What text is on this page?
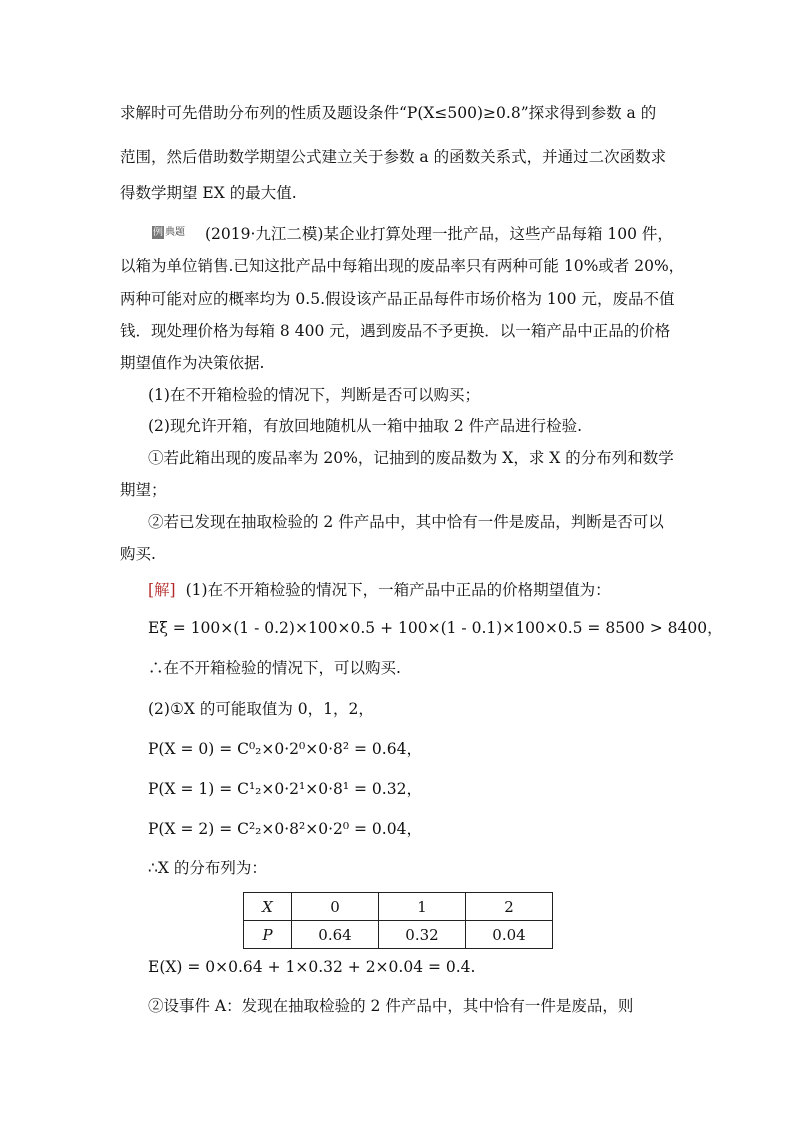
求解时可先借助分布列的性质及题设条件“P(X≤500)≥0.8”探求得到参数 a 的
范围，然后借助数学期望公式建立关于参数 a 的函数关系式，并通过二次函数求
得数学期望 EX 的最大值.
例 典题 (2019·九江二模)某企业打算处理一批产品，这些产品每箱 100 件，
以箱为单位销售.已知这批产品中每箱出现的废品率只有两种可能 10%或者 20%，
两种可能对应的概率均为 0.5.假设该产品正品每件市场价格为 100 元，废品不值
钱．现处理价格为每箱 8 400 元，遇到废品不予更换．以一箱产品中正品的价格
期望值作为决策依据.
(1)在不开箱检验的情况下，判断是否可以购买；
(2)现允许开箱，有放回地随机从一箱中抽取 2 件产品进行检验.
①若此箱出现的废品率为 20%，记抽到的废品数为 X，求 X 的分布列和数学
期望；
②若已发现在抽取检验的 2 件产品中，其中恰有一件是废品，判断是否可以
购买.
[解] (1)在不开箱检验的情况下，一箱产品中正品的价格期望值为：
Eξ = 100×(1 - 0.2)×100×0.5 + 100×(1 - 0.1)×100×0.5 = 8500 > 8400，
∴在不开箱检验的情况下，可以购买.
(2)①X 的可能取值为 0，1，2，
P(X = 0) = C⁰₂×0·2⁰×0·8² = 0.64，
P(X = 1) = C¹₂×0·2¹×0·8¹ = 0.32，
P(X = 2) = C²₂×0·8²×0·2⁰ = 0.04，
∴X 的分布列为：
X	0	1	2
P	0.64	0.32	0.04
E(X) = 0×0.64 + 1×0.32 + 2×0.04 = 0.4.
②设事件 A：发现在抽取检验的 2 件产品中，其中恰有一件是废品，则
